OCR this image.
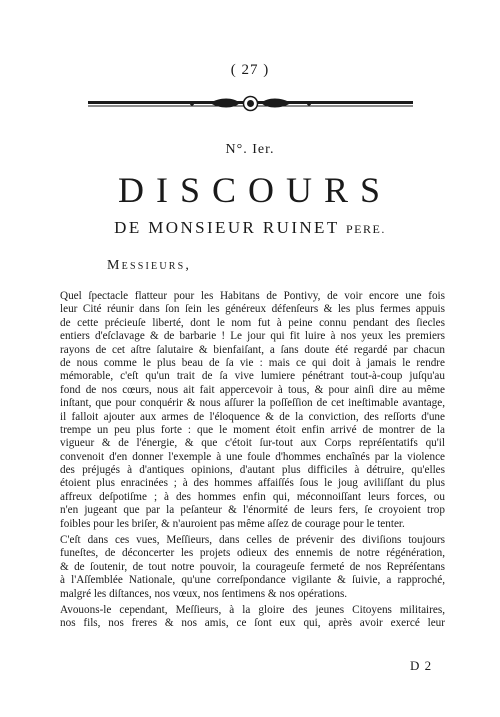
( 27 )
N°. Ier.
DISCOURS
DE MONSIEUR RUINET PERE.
Messieurs,
Quel ſpectacle flatteur pour les Habitans de Pontivy, de voir encore une fois
leur Cité réunir dans ſon ſein les généreux défenſeurs & les plus fermes appuis
de cette précieuſe liberté, dont le nom fut à peine connu pendant des ſiecles
entiers d'eſclavage & de barbarie ! Le jour qui fit luire à nos yeux les premiers
rayons de cet aſtre ſalutaire & bienfaiſant, a ſans doute été regardé par chacun
de nous comme le plus beau de ſa vie : mais ce qui doit à jamais le rendre
mémorable, c'eſt qu'un trait de ſa vive lumiere pénétrant tout-à-coup juſqu'au
fond de nos cœurs, nous ait fait appercevoir à tous, & pour ainſi dire au même
inſtant, que pour conquérir & nous aſſurer la poſſeſſion de cet ineſtimable avantage,
il falloit ajouter aux armes de l'éloquence & de la conviction, des reſſorts d'une
trempe un peu plus forte : que le moment étoit enfin arrivé de montrer de la
vigueur & de l'énergie, & que c'étoit ſur-tout aux Corps repréſentatifs qu'il
convenoit d'en donner l'exemple à une foule d'hommes enchaînés par la violence
des préjugés à d'antiques opinions, d'autant plus difficiles à détruire, qu'elles
étoient plus enracinées ; à des hommes affaiſſés ſous le joug aviliſſant du plus
affreux deſpotiſme ; à des hommes enfin qui, méconnoiſſant leurs forces, ou
n'en jugeant que par la peſanteur & l'énormité de leurs fers, ſe croyoient trop
foibles pour les briſer, & n'auroient pas même aſſez de courage pour le tenter.
C'eſt dans ces vues, Meſſieurs, dans celles de prévenir des diviſions toujours
funeſtes, de déconcerter les projets odieux des ennemis de notre régénération,
& de ſoutenir, de tout notre pouvoir, la courageuſe fermeté de nos Repréſentans
à l'Aſſemblée Nationale, qu'une correſpondance vigilante & ſuivie, a rapproché,
malgré les diſtances, nos vœux, nos ſentimens & nos opérations.
Avouons-le cependant, Meſſieurs, à la gloire des jeunes Citoyens militaires,
nos fils, nos freres & nos amis, ce ſont eux qui, après avoir exercé leur
D 2
